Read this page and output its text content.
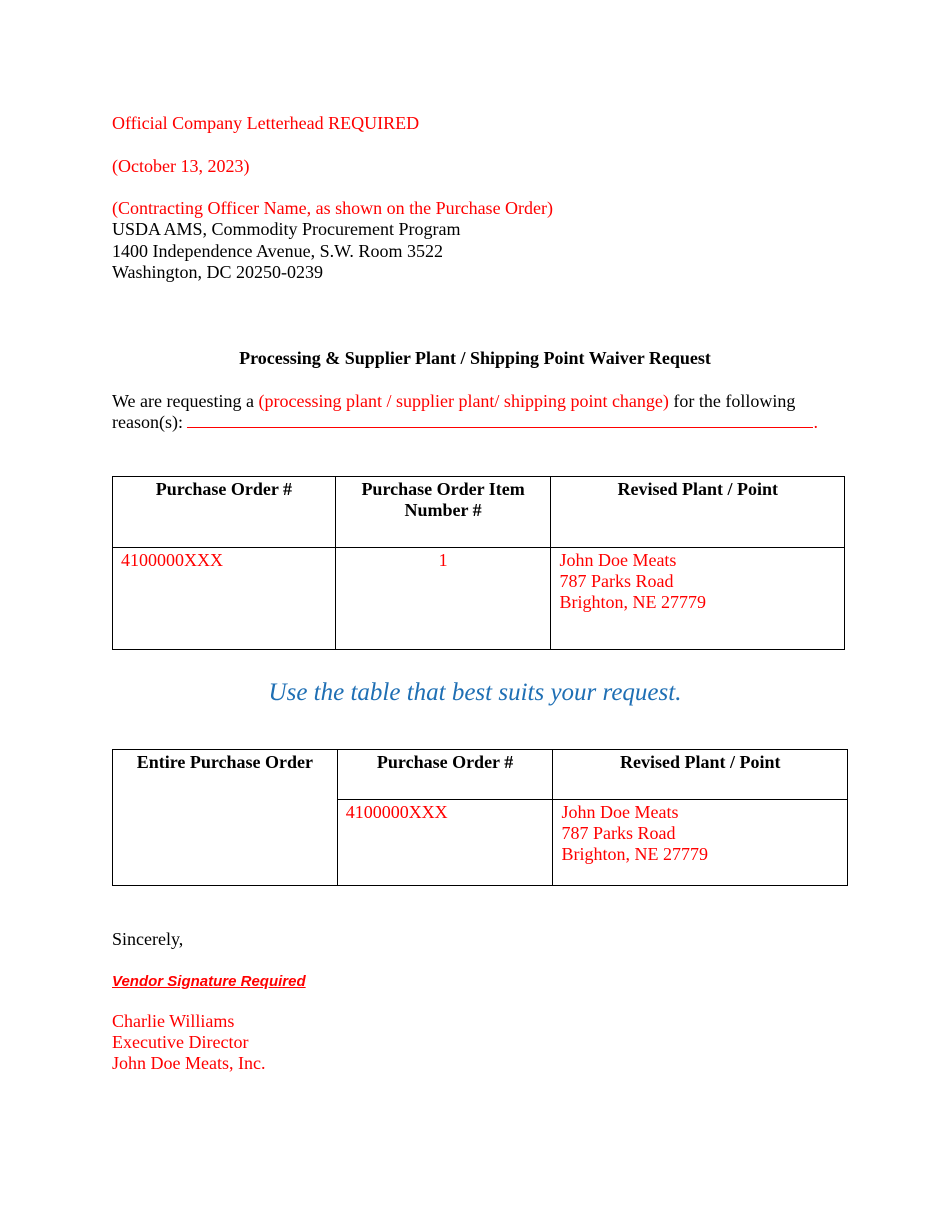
Official Company Letterhead REQUIRED
(October 13, 2023)
(Contracting Officer Name, as shown on the Purchase Order)
USDA AMS, Commodity Procurement Program
1400 Independence Avenue, S.W. Room 3522
Washington, DC 20250-0239
Processing & Supplier Plant / Shipping Point Waiver Request
We are requesting a (processing plant / supplier plant/ shipping point change) for the following
reason(s):	.
Purchase Order #	Purchase Order Item Number #	Revised Plant / Point
4100000XXX	1	John Doe Meats
787 Parks Road
Brighton, NE 27779
Use the table that best suits your request.
Entire Purchase Order	Purchase Order #	Revised Plant / Point
	4100000XXX	John Doe Meats
787 Parks Road
Brighton, NE 27779
Sincerely,
Vendor Signature Required
Charlie Williams
Executive Director
John Doe Meats, Inc.
